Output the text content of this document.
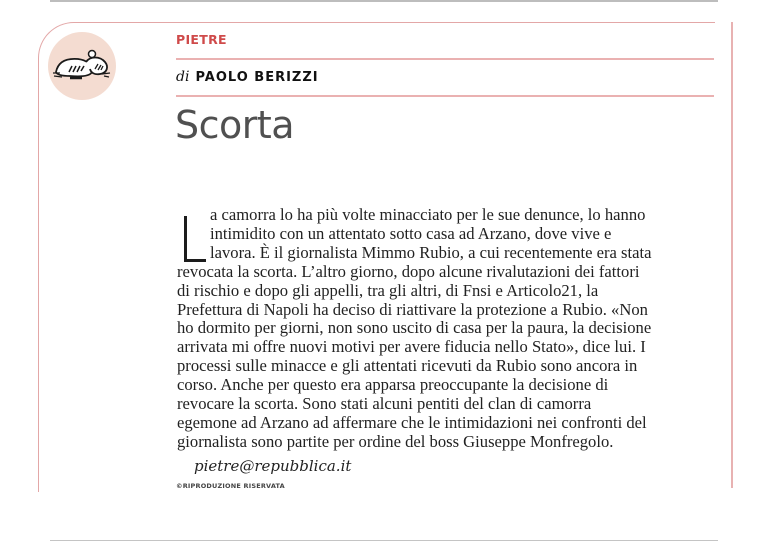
PIETRE
di PAOLO BERIZZI
Scorta
a camorra lo ha più volte minacciato per le sue denunce, lo hanno
intimidito con un attentato sotto casa ad Arzano, dove vive e
lavora. È il giornalista Mimmo Rubio, a cui recentemente era stata
revocata la scorta. L’altro giorno, dopo alcune rivalutazioni dei fattori
di rischio e dopo gli appelli, tra gli altri, di Fnsi e Articolo21, la
Prefettura di Napoli ha deciso di riattivare la protezione a Rubio. «Non
ho dormito per giorni, non sono uscito di casa per la paura, la decisione
arrivata mi offre nuovi motivi per avere fiducia nello Stato», dice lui. I
processi sulle minacce e gli attentati ricevuti da Rubio sono ancora in
corso. Anche per questo era apparsa preoccupante la decisione di
revocare la scorta. Sono stati alcuni pentiti del clan di camorra
egemone ad Arzano ad affermare che le intimidazioni nei confronti del
giornalista sono partite per ordine del boss Giuseppe Monfregolo.
pietre@repubblica.it
©RIPRODUZIONE RISERVATA
